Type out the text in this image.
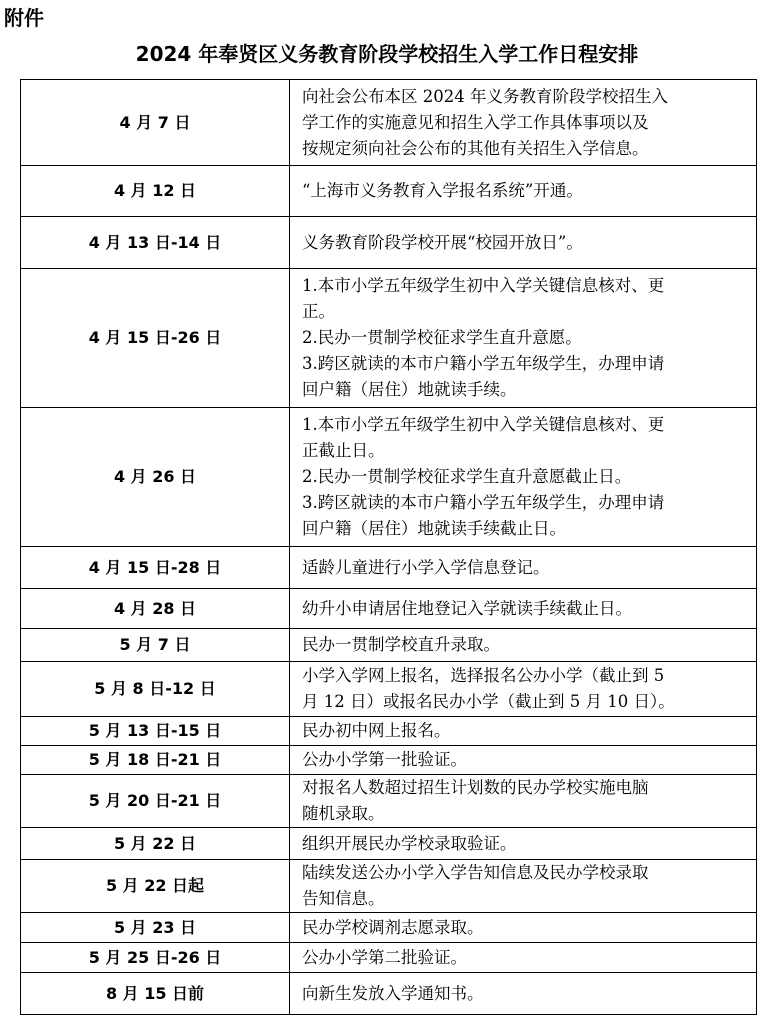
附件
2024 年奉贤区义务教育阶段学校招生入学工作日程安排
4 月 7 日	向社会公布本区 2024 年义务教育阶段学校招生入
学工作的实施意见和招生入学工作具体事项以及
按规定须向社会公布的其他有关招生入学信息。

4 月 12 日	“上海市义务教育入学报名系统”开通。

4 月 13 日-14 日	义务教育阶段学校开展“校园开放日”。

4 月 15 日-26 日	1.本市小学五年级学生初中入学关键信息核对、更
正。
2.民办一贯制学校征求学生直升意愿。
3.跨区就读的本市户籍小学五年级学生，办理申请
回户籍（居住）地就读手续。

4 月 26 日	1.本市小学五年级学生初中入学关键信息核对、更
正截止日。
2.民办一贯制学校征求学生直升意愿截止日。
3.跨区就读的本市户籍小学五年级学生，办理申请
回户籍（居住）地就读手续截止日。

4 月 15 日-28 日	适龄儿童进行小学入学信息登记。

4 月 28 日	幼升小申请居住地登记入学就读手续截止日。

5 月 7 日	民办一贯制学校直升录取。

5 月 8 日-12 日	小学入学网上报名，选择报名公办小学（截止到 5
月 12 日）或报名民办小学（截止到 5 月 10 日）。

5 月 13 日-15 日	民办初中网上报名。

5 月 18 日-21 日	公办小学第一批验证。

5 月 20 日-21 日	对报名人数超过招生计划数的民办学校实施电脑
随机录取。

5 月 22 日	组织开展民办学校录取验证。

5 月 22 日起	陆续发送公办小学入学告知信息及民办学校录取
告知信息。

5 月 23 日	民办学校调剂志愿录取。

5 月 25 日-26 日	公办小学第二批验证。

8 月 15 日前	向新生发放入学通知书。
